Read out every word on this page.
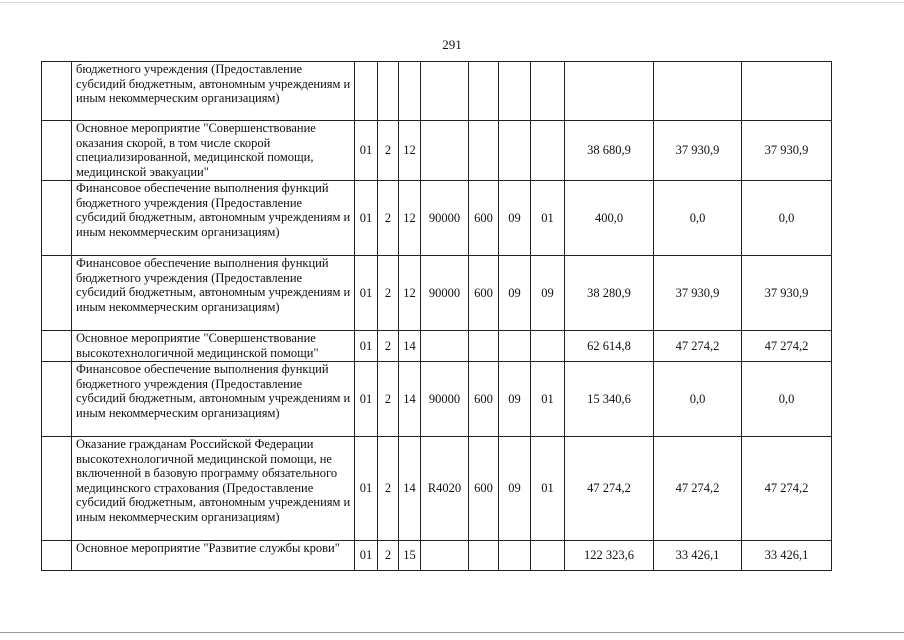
291
	бюджетного учреждения (Предоставление субсидий бюджетным, автономным учреждениям и иным некоммерческим организациям)										
	Основное мероприятие "Совершенствование оказания скорой, в том числе скорой специализированной, медицинской помощи, медицинской эвакуации"	01	2	12					38 680,9	37 930,9	37 930,9
	Финансовое обеспечение выполнения функций бюджетного учреждения (Предоставление субсидий бюджетным, автономным учреждениям и иным некоммерческим организациям)	01	2	12	90000	600	09	01	400,0	0,0	0,0
	Финансовое обеспечение выполнения функций бюджетного учреждения (Предоставление субсидий бюджетным, автономным учреждениям и иным некоммерческим организациям)	01	2	12	90000	600	09	09	38 280,9	37 930,9	37 930,9
	Основное мероприятие "Совершенствование высокотехнологичной медицинской помощи"	01	2	14					62 614,8	47 274,2	47 274,2
	Финансовое обеспечение выполнения функций бюджетного учреждения (Предоставление субсидий бюджетным, автономным учреждениям и иным некоммерческим организациям)	01	2	14	90000	600	09	01	15 340,6	0,0	0,0
	Оказание гражданам Российской Федерации высокотехнологичной медицинской помощи, не включенной в базовую программу обязательного медицинского страхования (Предоставление субсидий бюджетным, автономным учреждениям и иным некоммерческим организациям)	01	2	14	R4020	600	09	01	47 274,2	47 274,2	47 274,2
	Основное мероприятие "Развитие службы крови"	01	2	15					122 323,6	33 426,1	33 426,1
